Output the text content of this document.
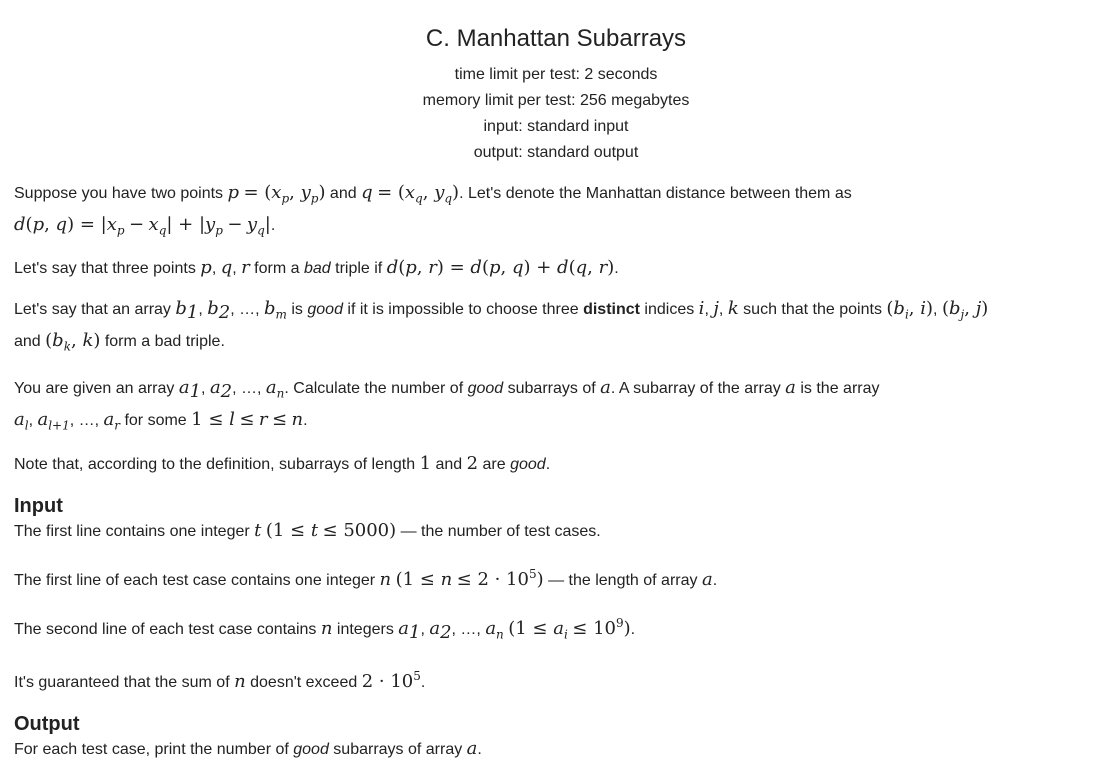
C. Manhattan Subarrays
time limit per test: 2 seconds
memory limit per test: 256 megabytes
input: standard input
output: standard output

Suppose you have two points $p = (x_p$, $y_p$) and $q = (x_q$, $y_q$). Let's denote the Manhattan distance between them as
d(p, $q) = |x_p - x_q| + |y_p - y_q|$.

Let's say that three points p, q, r form a bad triple if d(p, r) = d(p, q) + d(q, r).

Let's say that an array $b_1$, $b_2$, …, $b_m$ is good if it is impossible to choose three distinct indices i, j, k such that the points ($b_i$, i), ($b_j$, j)
and ($b_k$, k) form a bad triple.

You are given an array $a_1$, $a_2$, …, $a_n$. Calculate the number of good subarrays of a. A subarray of the array a is the array
$a_l$, $a_{l+1}$, …, $a_r$ for some 1 ≤ l ≤ r ≤ n.

Note that, according to the definition, subarrays of length 1 and 2 are good.

Input

The first line contains one integer t (1 ≤ t ≤ 5000) — the number of test cases.

The first line of each test case contains one integer n $(1 \le n \le 2 \cdot 10^5)$ — the length of array a.

The second line of each test case contains n integers $a_1$, $a_2$, …, $a_n$ $(1 \le a_i \le 10^9)$.

It's guaranteed that the sum of n doesn't exceed $2 \cdot 10^5$.

Output

For each test case, print the number of good subarrays of array a.
